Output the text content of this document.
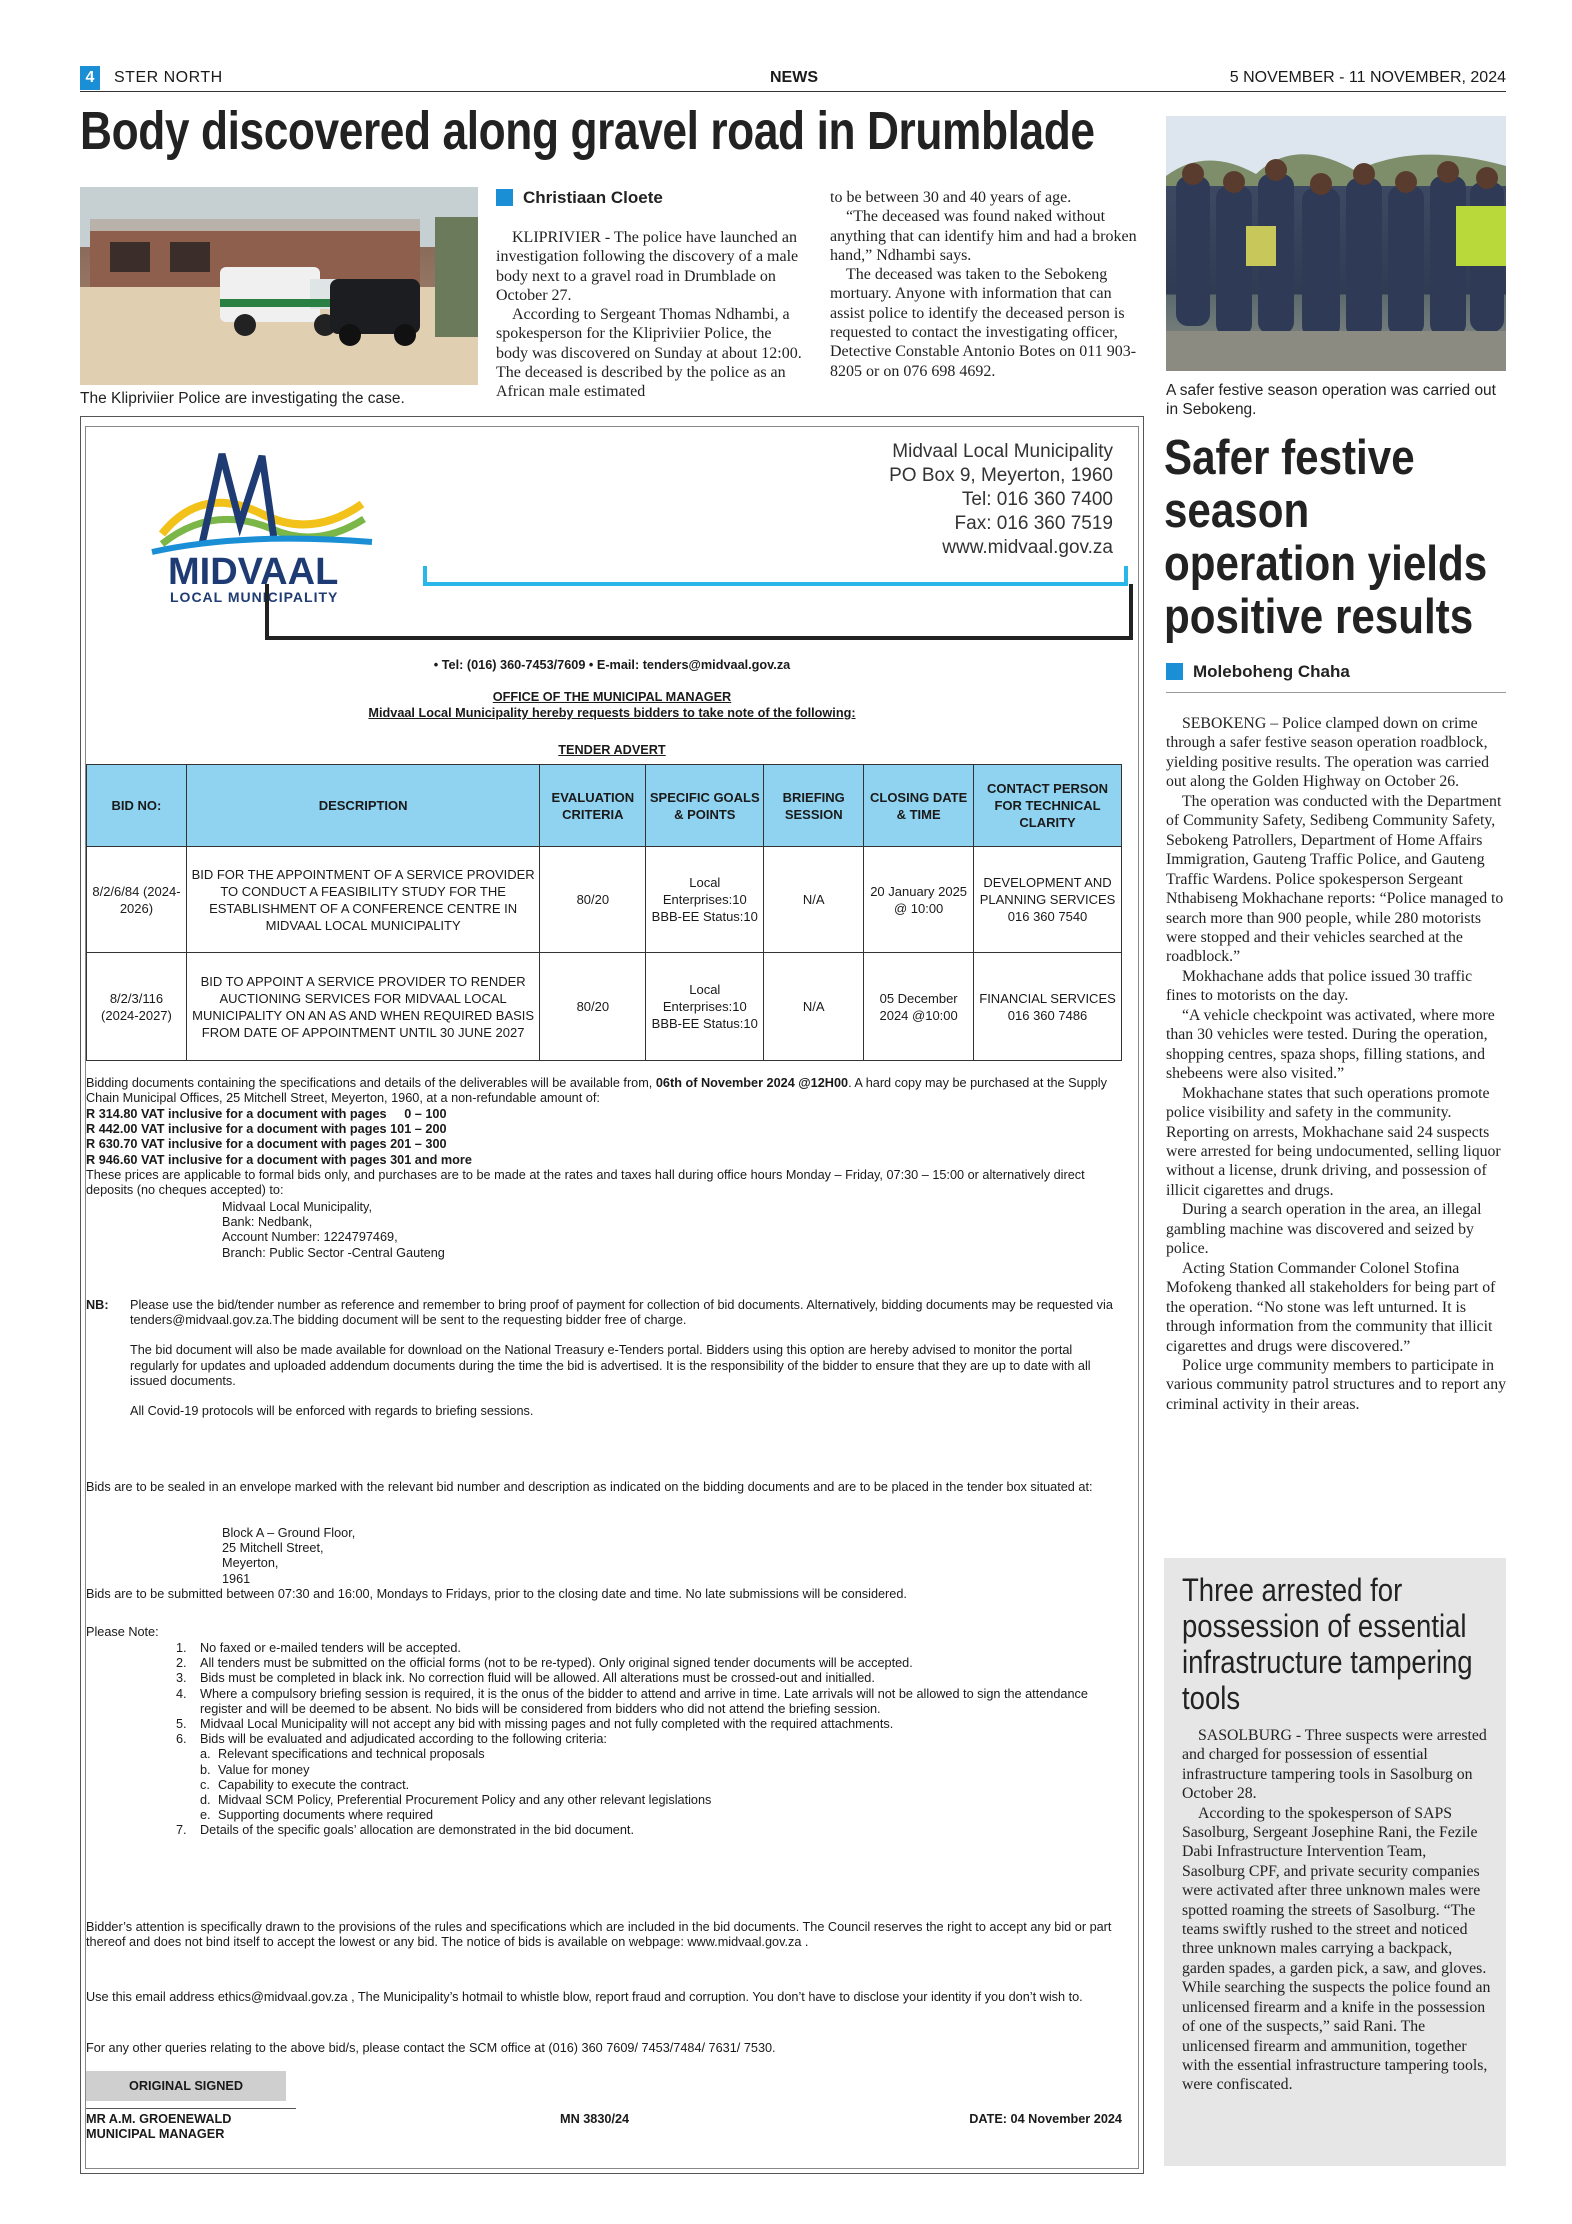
4	STER NORTH	NEWS	5 NOVEMBER - 11 NOVEMBER, 2024
Body discovered along gravel road in Drumblade
The Klipriviier Police are investigating the case.
Christiaan Cloete

KLIPRIVIER - The police have launched an investigation following the discovery of a male body next to a gravel road in Drumblade on October 27.

According to Sergeant Thomas Ndhambi, a spokesperson for the Klipriviier Police, the body was discovered on Sunday at about 12:00. The deceased is described by the police as an African male estimated

to be between 30 and 40 years of age.

“The deceased was found naked without anything that can identify him and had a broken hand,” Ndhambi says.

The deceased was taken to the Sebokeng mortuary. Anyone with information that can assist police to identify the deceased person is requested to contact the investigating officer, Detective Constable Antonio Botes on 011 903-8205 or on 076 698 4692.

A safer festive season operation was carried out in Sebokeng.
Safer festive season operation yields positive results
Moleboheng Chaha

SEBOKENG – Police clamped down on crime through a safer festive season operation roadblock, yielding positive results. The operation was carried out along the Golden Highway on October 26.

The operation was conducted with the Department of Community Safety, Sedibeng Community Safety, Sebokeng Patrollers, Department of Home Affairs Immigration, Gauteng Traffic Police, and Gauteng Traffic Wardens. Police spokesperson Sergeant Nthabiseng Mokhachane reports: “Police managed to search more than 900 people, while 280 motorists were stopped and their vehicles searched at the roadblock.”

Mokhachane adds that police issued 30 traffic fines to motorists on the day.

“A vehicle checkpoint was activated, where more than 30 vehicles were tested. During the operation, shopping centres, spaza shops, filling stations, and shebeens were also visited.”

Mokhachane states that such operations promote police visibility and safety in the community. Reporting on arrests, Mokhachane said 24 suspects were arrested for being undocumented, selling liquor without a license, drunk driving, and possession of illicit cigarettes and drugs.

During a search operation in the area, an illegal gambling machine was discovered and seized by police.

Acting Station Commander Colonel Stofina Mofokeng thanked all stakeholders for being part of the operation. “No stone was left unturned. It is through information from the community that illicit cigarettes and drugs were discovered.”

Police urge community members to participate in various community patrol structures and to report any criminal activity in their areas.

Three arrested for possession of essential infrastructure tampering tools

SASOLBURG - Three suspects were arrested and charged for possession of essential infrastructure tampering tools in Sasolburg on October 28.

According to the spokesperson of SAPS Sasolburg, Sergeant Josephine Rani, the Fezile Dabi Infrastructure Intervention Team, Sasolburg CPF, and private security companies were activated after three unknown males were spotted roaming the streets of Sasolburg. “The teams swiftly rushed to the street and noticed three unknown males carrying a backpack, garden spades, a garden pick, a saw, and gloves. While searching the suspects the police found an unlicensed firearm and a knife in the possession of one of the suspects,” said Rani. The unlicensed firearm and ammunition, together with the essential infrastructure tampering tools, were confiscated.

MIDVAAL
LOCAL MUNICIPALITY
Midvaal Local Municipality
PO Box 9, Meyerton, 1960
Tel: 016 360 7400
Fax: 016 360 7519
www.midvaal.gov.za
• Tel: (016) 360-7453/7609 • E-mail: tenders@midvaal.gov.za
OFFICE OF THE MUNICIPAL MANAGER
Midvaal Local Municipality hereby requests bidders to take note of the following:
TENDER ADVERT
BID NO:	DESCRIPTION	EVALUATION CRITERIA	SPECIFIC GOALS & POINTS	BRIEFING SESSION	CLOSING DATE & TIME	CONTACT PERSON FOR TECHNICAL CLARITY
8/2/6/84 (2024-2026)	BID FOR THE APPOINTMENT OF A SERVICE PROVIDER TO CONDUCT A FEASIBILITY STUDY FOR THE ESTABLISHMENT OF A CONFERENCE CENTRE IN MIDVAAL LOCAL MUNICIPALITY	80/20	Local Enterprises:10 BBB-EE Status:10	N/A	20 January 2025 @ 10:00	DEVELOPMENT AND PLANNING SERVICES 016 360 7540
8/2/3/116 (2024-2027)	BID TO APPOINT A SERVICE PROVIDER TO RENDER AUCTIONING SERVICES FOR MIDVAAL LOCAL MUNICIPALITY ON AN AS AND WHEN REQUIRED BASIS FROM DATE OF APPOINTMENT UNTIL 30 JUNE 2027	80/20	Local Enterprises:10 BBB-EE Status:10	N/A	05 December 2024 @10:00	FINANCIAL SERVICES 016 360 7486
Bidding documents containing the specifications and details of the deliverables will be available from, 06th of November 2024 @12H00. A hard copy may be purchased at the Supply Chain Municipal Offices, 25 Mitchell Street, Meyerton, 1960, at a non-refundable amount of:
R 314.80 VAT inclusive for a document with pages     0 – 100
R 442.00 VAT inclusive for a document with pages 101 – 200
R 630.70 VAT inclusive for a document with pages 201 – 300
R 946.60 VAT inclusive for a document with pages 301 and more
These prices are applicable to formal bids only, and purchases are to be made at the rates and taxes hall during office hours Monday – Friday, 07:30 – 15:00 or alternatively direct deposits (no cheques accepted) to:
Midvaal Local Municipality,
Bank: Nedbank,
Account Number: 1224797469,
Branch: Public Sector -Central Gauteng
NB: Please use the bid/tender number as reference and remember to bring proof of payment for collection of bid documents. Alternatively, bidding documents may be requested via tenders@midvaal.gov.za.The bidding document will be sent to the requesting bidder free of charge.
The bid document will also be made available for download on the National Treasury e-Tenders portal. Bidders using this option are hereby advised to monitor the portal regularly for updates and uploaded addendum documents during the time the bid is advertised. It is the responsibility of the bidder to ensure that they are up to date with all issued documents.
All Covid-19 protocols will be enforced with regards to briefing sessions.
Bids are to be sealed in an envelope marked with the relevant bid number and description as indicated on the bidding documents and are to be placed in the tender box situated at:
Block A – Ground Floor,
25 Mitchell Street,
Meyerton,
1961
Bids are to be submitted between 07:30 and 16:00, Mondays to Fridays, prior to the closing date and time. No late submissions will be considered.
Please Note:
1.	No faxed or e-mailed tenders will be accepted.
2.	All tenders must be submitted on the official forms (not to be re-typed). Only original signed tender documents will be accepted.
3.	Bids must be completed in black ink. No correction fluid will be allowed. All alterations must be crossed-out and initialled.
4.	Where a compulsory briefing session is required, it is the onus of the bidder to attend and arrive in time. Late arrivals will not be allowed to sign the attendance register and will be deemed to be absent. No bids will be considered from bidders who did not attend the briefing session.
5.	Midvaal Local Municipality will not accept any bid with missing pages and not fully completed with the required attachments.
6.	Bids will be evaluated and adjudicated according to the following criteria:
a. Relevant specifications and technical proposals
b. Value for money
c. Capability to execute the contract.
d. Midvaal SCM Policy, Preferential Procurement Policy and any other relevant legislations
e. Supporting documents where required
7.	Details of the specific goals’ allocation are demonstrated in the bid document.
Bidder’s attention is specifically drawn to the provisions of the rules and specifications which are included in the bid documents. The Council reserves the right to accept any bid or part thereof and does not bind itself to accept the lowest or any bid. The notice of bids is available on webpage: www.midvaal.gov.za .
Use this email address ethics@midvaal.gov.za , The Municipality’s hotmail to whistle blow, report fraud and corruption. You don’t have to disclose your identity if you don’t wish to.
For any other queries relating to the above bid/s, please contact the SCM office at (016) 360 7609/ 7453/7484/ 7631/ 7530.
ORIGINAL SIGNED
MR A.M. GROENEWALD
MUNICIPAL MANAGER
MN 3830/24	DATE: 04 November 2024
